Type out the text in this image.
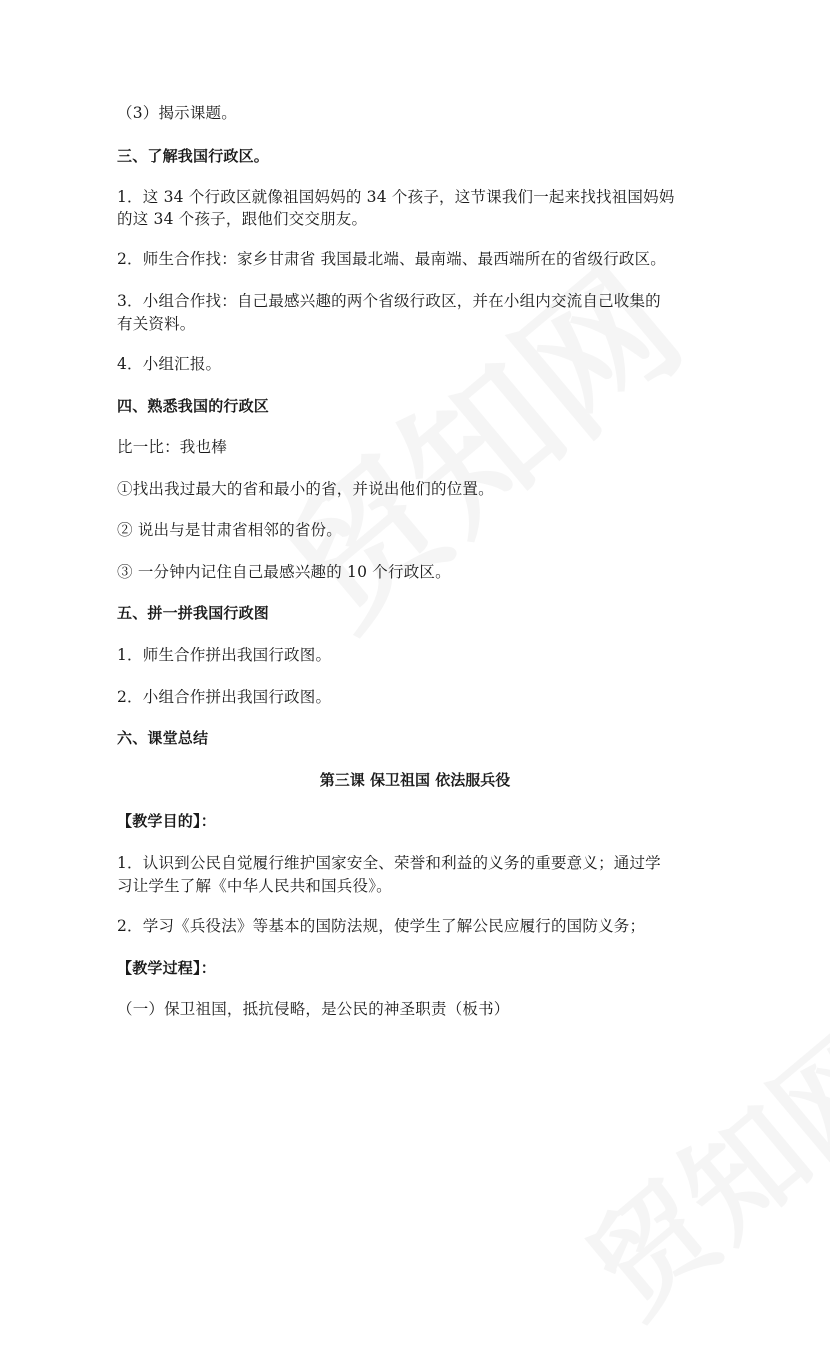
（3）揭示课题。
三、了解我国行政区。
1．这 34 个行政区就像祖国妈妈的 34 个孩子，这节课我们一起来找找祖国妈妈
的这 34 个孩子，跟他们交交朋友。
2．师生合作找：家乡甘肃省 我国最北端、最南端、最西端所在的省级行政区。
3．小组合作找：自己最感兴趣的两个省级行政区，并在小组内交流自己收集的
有关资料。
4．小组汇报。
四、熟悉我国的行政区
比一比：我也棒
①找出我过最大的省和最小的省，并说出他们的位置。
② 说出与是甘肃省相邻的省份。
③ 一分钟内记住自己最感兴趣的 10 个行政区。
五、拼一拼我国行政图
1．师生合作拼出我国行政图。
2．小组合作拼出我国行政图。
六、课堂总结
第三课 保卫祖国 依法服兵役
【教学目的】：
1．认识到公民自觉履行维护国家安全、荣誉和利益的义务的重要意义；通过学
习让学生了解《中华人民共和国兵役》。
2．学习《兵役法》等基本的国防法规，使学生了解公民应履行的国防义务；
【教学过程】：
（一）保卫祖国，抵抗侵略，是公民的神圣职责（板书）
